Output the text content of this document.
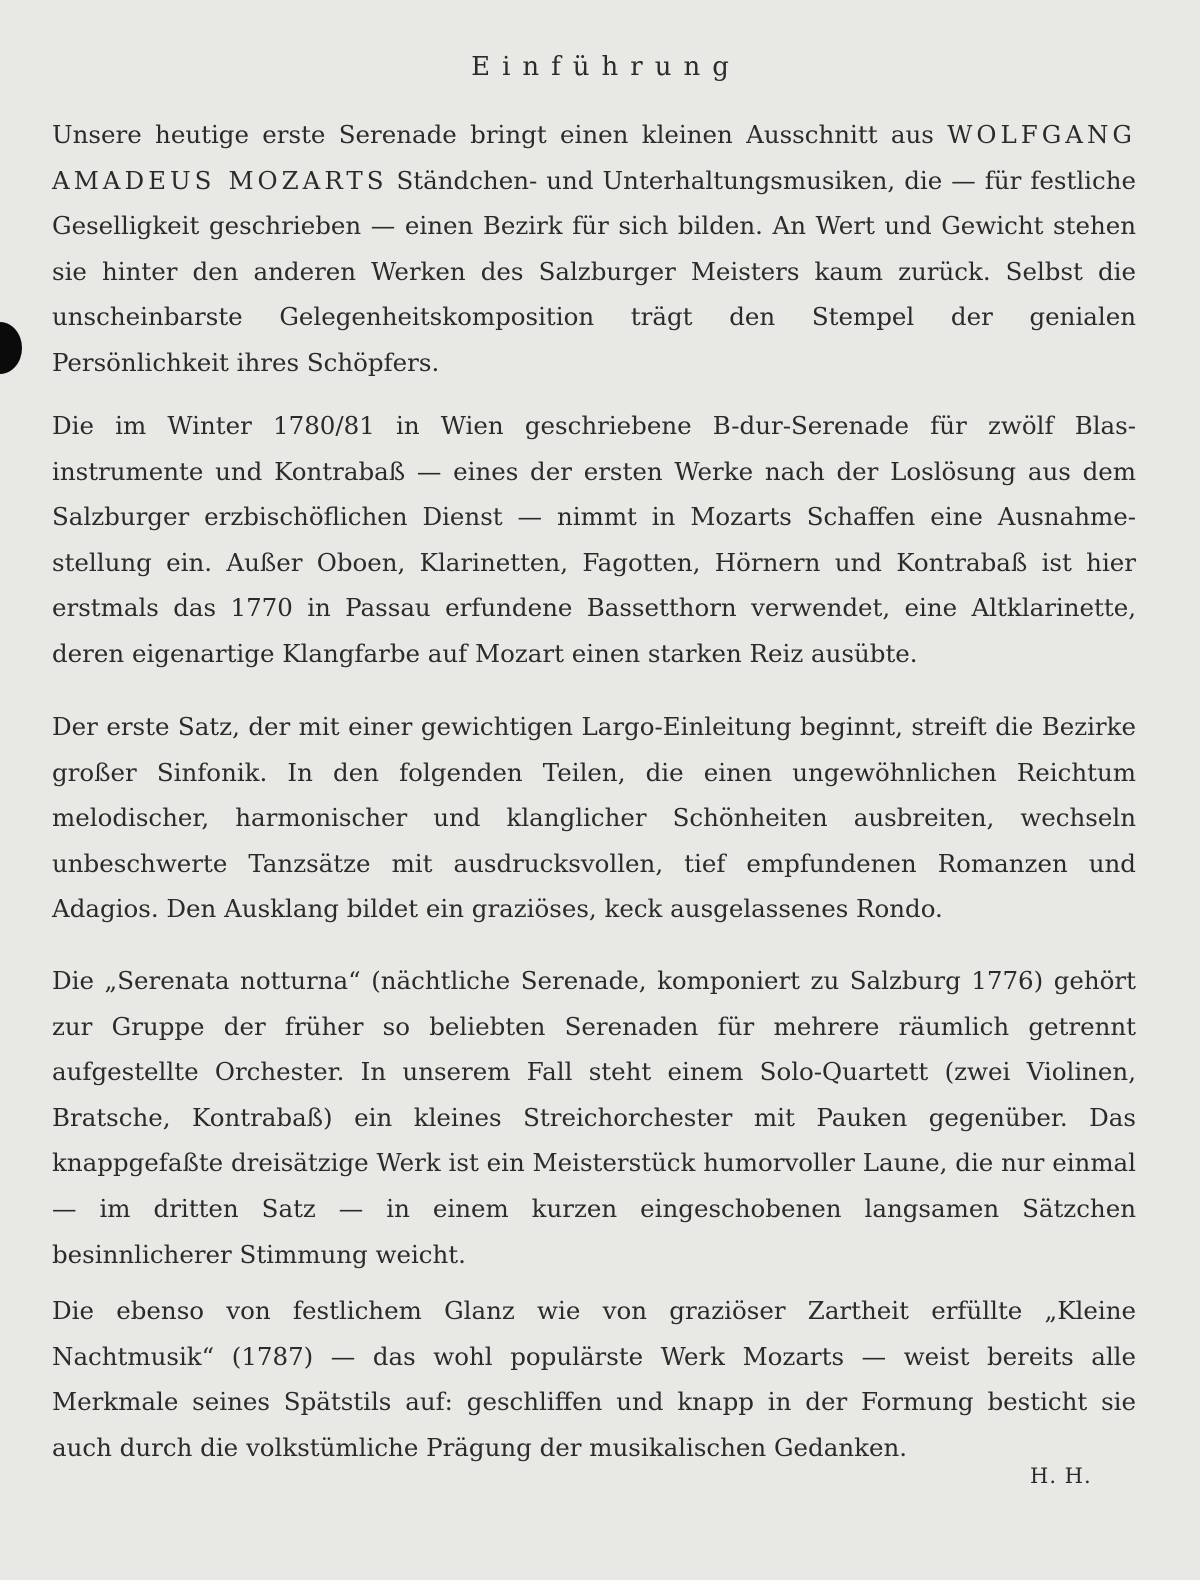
Einführung

Unsere heutige erste Serenade bringt einen kleinen Ausschnitt aus WOLFGANG AMADEUS MOZARTS Ständchen- und Unterhaltungsmusiken, die — für festliche Geselligkeit geschrieben — einen Bezirk für sich bilden. An Wert und Gewicht stehen sie hinter den anderen Werken des Salzburger Meisters kaum zurück. Selbst die unscheinbarste Gelegenheitskomposition trägt den Stempel der genialen Persönlichkeit ihres Schöpfers.

Die im Winter 1780/81 in Wien geschriebene B-dur-Serenade für zwölf Blasinstrumente und Kontrabaß — eines der ersten Werke nach der Loslösung aus dem Salzburger erzbischöflichen Dienst — nimmt in Mozarts Schaffen eine Ausnahmestellung ein. Außer Oboen, Klarinetten, Fagotten, Hörnern und Kontrabaß ist hier erstmals das 1770 in Passau erfundene Bassetthorn verwendet, eine Altklarinette, deren eigenartige Klangfarbe auf Mozart einen starken Reiz ausübte.

Der erste Satz, der mit einer gewichtigen Largo-Einleitung beginnt, streift die Bezirke großer Sinfonik. In den folgenden Teilen, die einen ungewöhnlichen Reichtum melodischer, harmonischer und klanglicher Schönheiten ausbreiten, wechseln unbeschwerte Tanzsätze mit ausdrucksvollen, tief empfundenen Romanzen und Adagios. Den Ausklang bildet ein graziöses, keck ausgelassenes Rondo.

Die „Serenata notturna“ (nächtliche Serenade, komponiert zu Salzburg 1776) gehört zur Gruppe der früher so beliebten Serenaden für mehrere räumlich getrennt aufgestellte Orchester. In unserem Fall steht einem Solo-Quartett (zwei Violinen, Bratsche, Kontrabaß) ein kleines Streichorchester mit Pauken gegenüber. Das knappgefaßte dreisätzige Werk ist ein Meisterstück humorvoller Laune, die nur einmal — im dritten Satz — in einem kurzen eingeschobenen langsamen Sätzchen besinnlicherer Stimmung weicht.

Die ebenso von festlichem Glanz wie von graziöser Zartheit erfüllte „Kleine Nachtmusik“ (1787) — das wohl populärste Werk Mozarts — weist bereits alle Merkmale seines Spätstils auf: geschliffen und knapp in der Formung besticht sie auch durch die volkstümliche Prägung der musikalischen Gedanken.

H. H.
